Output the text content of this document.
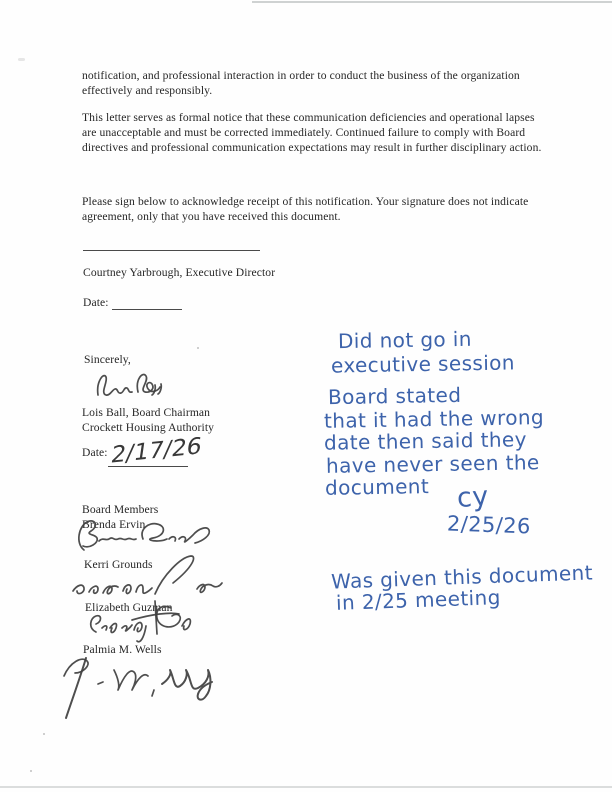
notification, and professional interaction in order to conduct the business of the organization
effectively and responsibly.
This letter serves as formal notice that these communication deficiencies and operational lapses
are unacceptable and must be corrected immediately. Continued failure to comply with Board
directives and professional communication expectations may result in further disciplinary action.
Please sign below to acknowledge receipt of this notification. Your signature does not indicate
agreement, only that you have received this document.
Courtney Yarbrough, Executive Director
Date:
Sincerely,
Lois Ball, Board Chairman
Crockett Housing Authority
Date: 2/17/26
Board Members
Brenda Ervin
Kerri Grounds
Elizabeth Guzman
Palmia M. Wells
Did not go in
executive session
Board stated
that it had the wrong
date then said they
have never seen the
document cy
2/25/26
Was given this document
in 2/25 meeting
